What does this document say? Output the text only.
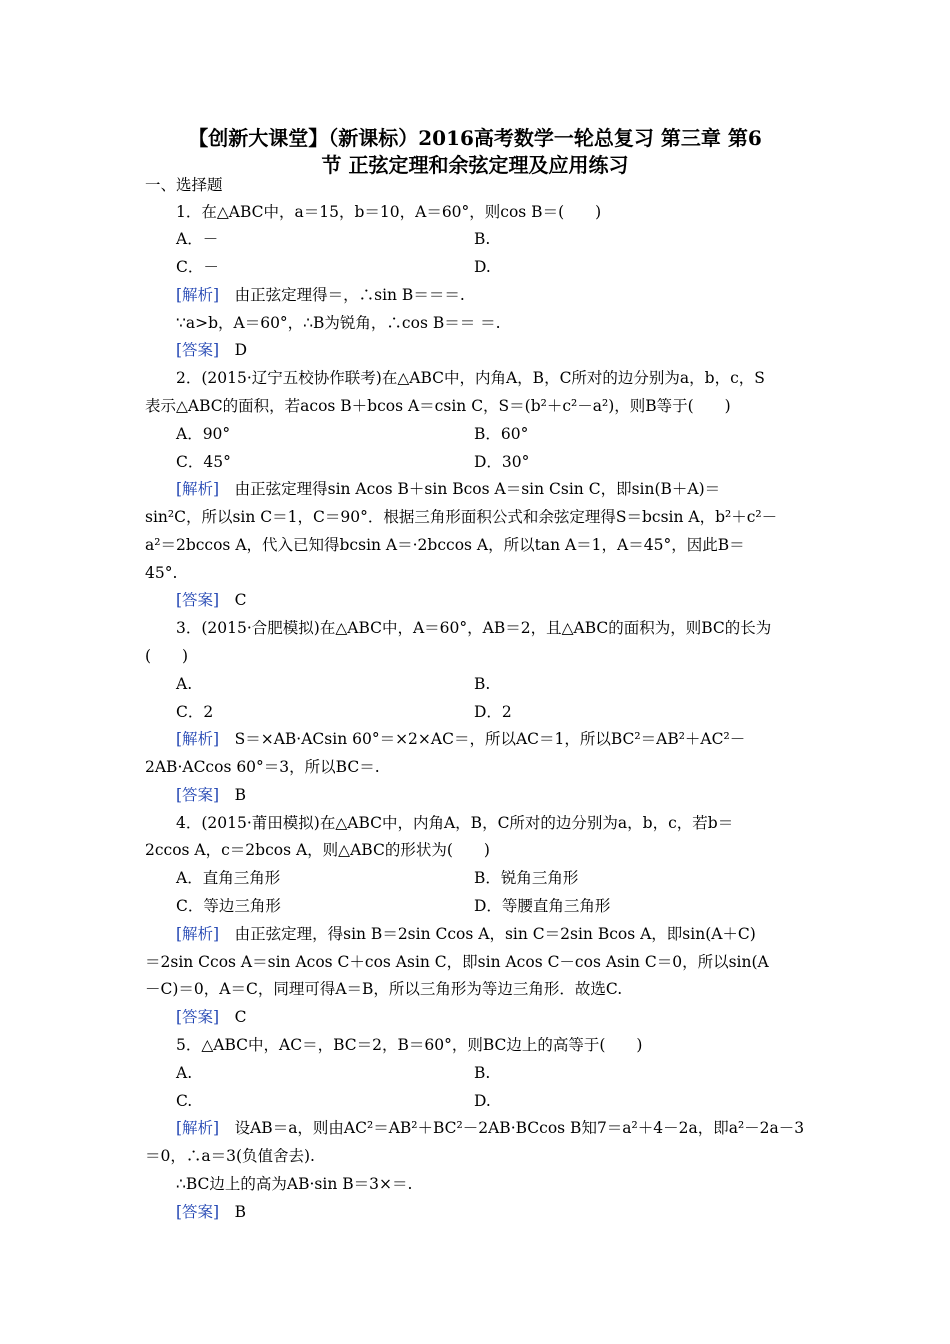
【创新大课堂】（新课标）2016高考数学一轮总复习 第三章 第6
节 正弦定理和余弦定理及应用练习
一、选择题
1．在△ABC中，a＝15，b＝10，A＝60°，则cos B＝(　　)
A．－	B.
C．－	D.
[解析]　由正弦定理得＝，∴sin B＝＝＝.
∵a>b，A＝60°，∴B为锐角，∴cos B＝＝ ＝.
[答案]　D
2．(2015·辽宁五校协作联考)在△ABC中，内角A，B，C所对的边分别为a，b，c，S
表示△ABC的面积，若acos B＋bcos A＝csin C，S＝(b²＋c²－a²)，则B等于(　　)
A．90°	B．60°
C．45°	D．30°
[解析]　由正弦定理得sin Acos B＋sin Bcos A＝sin Csin C，即sin(B＋A)＝
sin²C，所以sin C＝1，C＝90°．根据三角形面积公式和余弦定理得S＝bcsin A，b²＋c²－
a²＝2bccos A，代入已知得bcsin A＝·2bccos A，所以tan A＝1，A＝45°，因此B＝
45°.
[答案]　C
3．(2015·合肥模拟)在△ABC中，A＝60°，AB＝2，且△ABC的面积为，则BC的长为
(　　)
A.	B.
C．2	D．2
[解析]　S＝×AB·ACsin 60°＝×2×AC＝，所以AC＝1，所以BC²＝AB²＋AC²－
2AB·ACcos 60°＝3，所以BC＝.
[答案]　B
4．(2015·莆田模拟)在△ABC中，内角A，B，C所对的边分别为a，b，c，若b＝
2ccos A，c＝2bcos A，则△ABC的形状为(　　)
A．直角三角形	B．锐角三角形
C．等边三角形	D．等腰直角三角形
[解析]　由正弦定理，得sin B＝2sin Ccos A，sin C＝2sin Bcos A，即sin(A＋C)
＝2sin Ccos A＝sin Acos C＋cos Asin C，即sin Acos C－cos Asin C＝0，所以sin(A
－C)＝0，A＝C，同理可得A＝B，所以三角形为等边三角形．故选C.
[答案]　C
5．△ABC中，AC＝，BC＝2，B＝60°，则BC边上的高等于(　　)
A.	B.
C.	D.
[解析]　设AB＝a，则由AC²＝AB²＋BC²－2AB·BCcos B知7＝a²＋4－2a，即a²－2a－3
＝0，∴a＝3(负值舍去).
∴BC边上的高为AB·sin B＝3×＝.
[答案]　B
